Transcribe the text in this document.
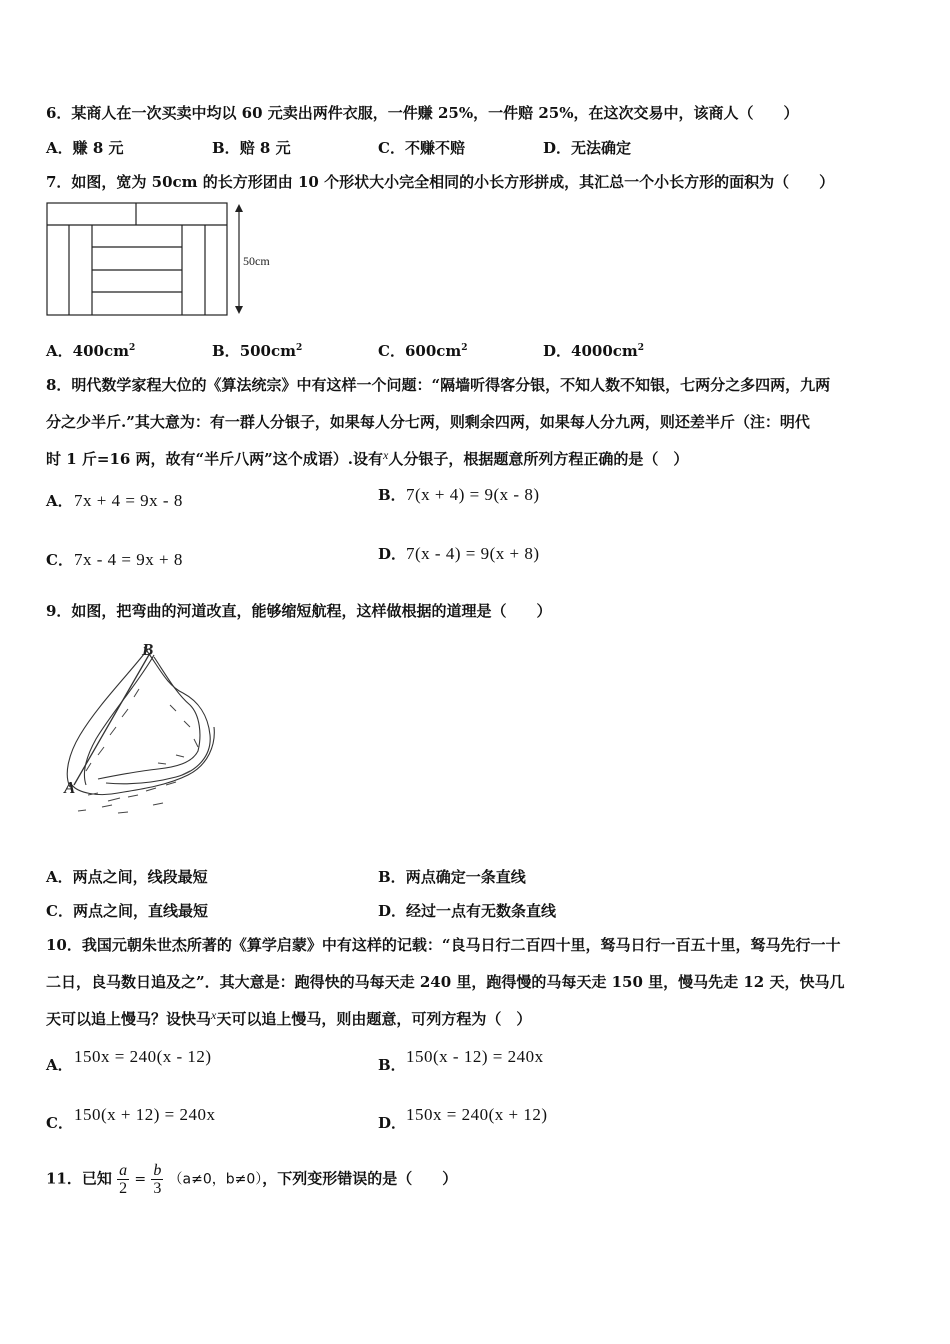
6．某商人在一次买卖中均以 60 元卖出两件衣服，一件赚 25%，一件赔 25%，在这次交易中，该商人（　　）
A．赚 8 元	B．赔 8 元	C．不赚不赔	D．无法确定
7．如图，宽为 50cm 的长方形团由 10 个形状大小完全相同的小长方形拼成，其汇总一个小长方形的面积为（　　）
50cm
A．$400cm^2$	B．$500cm^2$	C．$600cm^2$	D．$4000cm^2$
8．明代数学家程大位的《算法统宗》中有这样一个问题：“隔墙听得客分银，不知人数不知银，七两分之多四两，九两
分之少半斤.”其大意为：有一群人分银子，如果每人分七两，则剩余四两，如果每人分九两，则还差半斤（注：明代
时 1 斤=16 两，故有“半斤八两”这个成语）.设有$^x$人分银子，根据题意所列方程正确的是（　）
A．7x + 4 = 9x - 8	B．7(x + 4) = 9(x - 8)
C．7x - 4 = 9x + 8	D．7(x - 4) = 9(x + 8)
9．如图，把弯曲的河道改直，能够缩短航程，这样做根据的道理是（　　）
B
A
A．两点之间，线段最短	B．两点确定一条直线
C．两点之间，直线最短	D．经过一点有无数条直线
10．我国元朝朱世杰所著的《算学启蒙》中有这样的记载：“良马日行二百四十里，驽马日行一百五十里，驽马先行一十
二日，良马数日追及之”．其大意是：跑得快的马每天走 240 里，跑得慢的马每天走 150 里，慢马先走 12 天，快马几
天可以追上慢马？设快马$^x$天可以追上慢马，则由题意，可列方程为（　）
A．150x = 240(x - 12)	B．150(x - 12) = 240x
C．150(x + 12) = 240x	D．150x = 240(x + 12)
11．已知 $\frac{a}{2} = \frac{b}{3} (a\ne 0$，b≠0），下列变形错误的是（　　）
